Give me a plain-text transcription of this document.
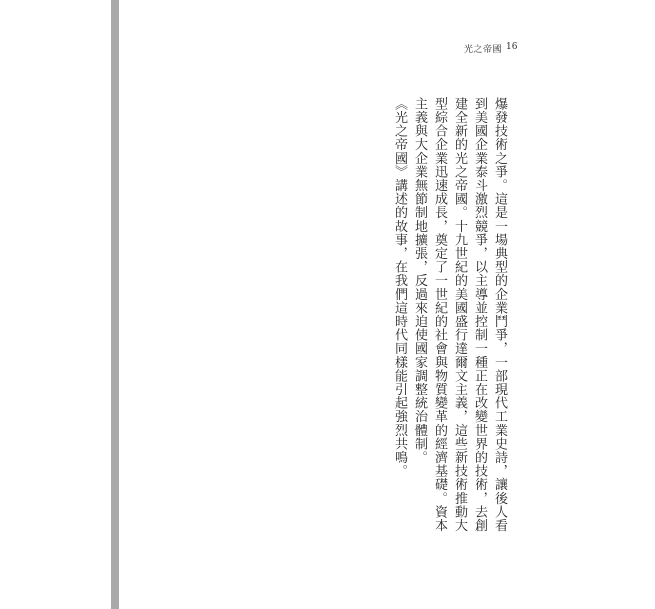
光之帝國 16

爆發技術之爭。這是一場典型的企業鬥爭，一部現代工業史詩，讓後人看到美國企業泰斗激烈競爭，以主導並控制一種正在改變世界的技術，去創建全新的光之帝國。十九世紀的美國盛行達爾文主義，這些新技術推動大型綜合企業迅速成長，奠定了一世紀的社會與物質變革的經濟基礎。資本主義與大企業無節制地擴張，反過來迫使國家調整統治體制。

《光之帝國》講述的故事，在我們這時代同樣能引起強烈共鳴。
